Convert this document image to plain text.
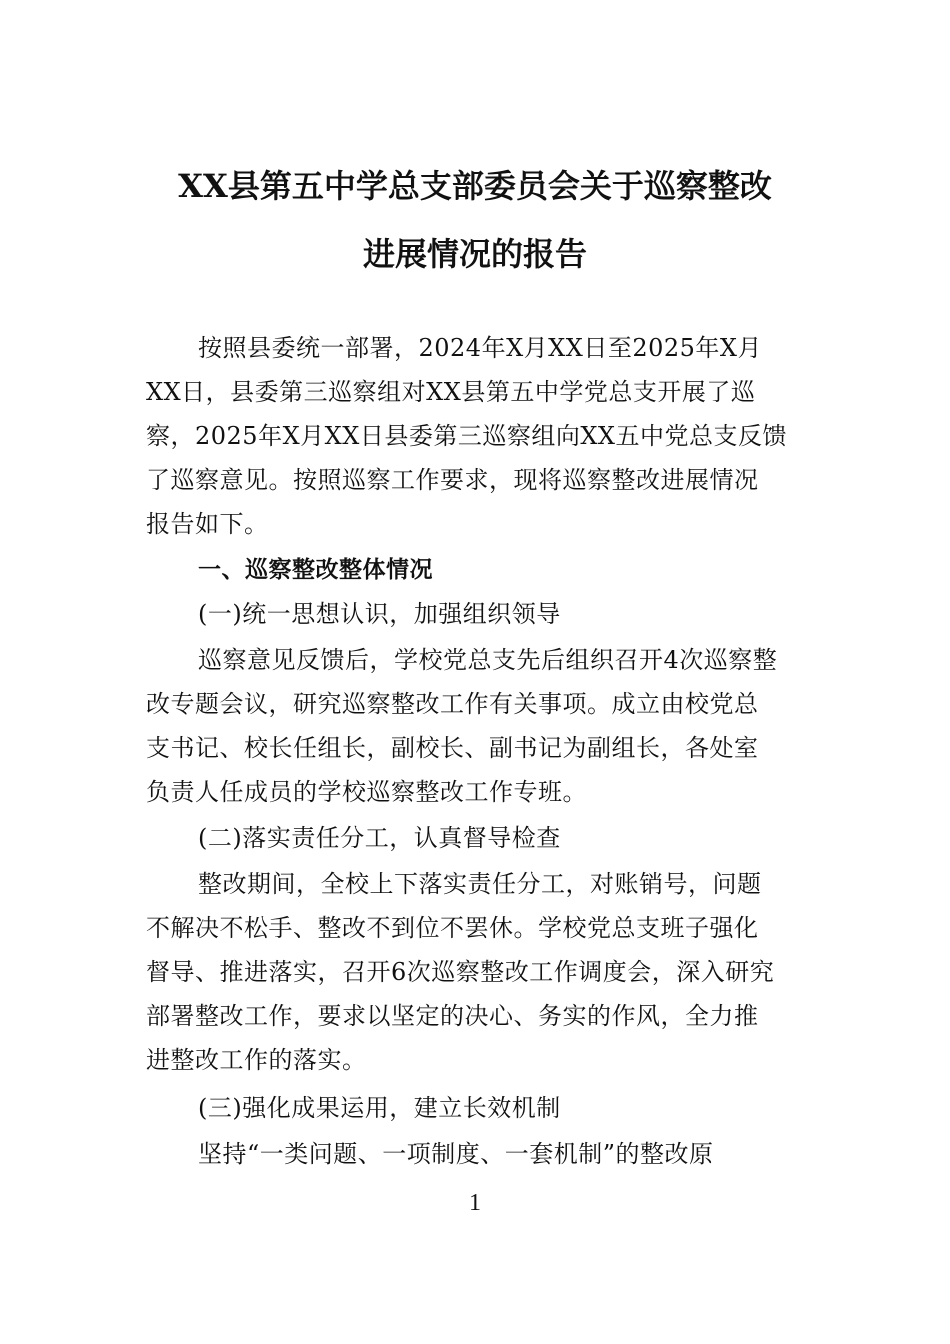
XX县第五中学总支部委员会关于巡察整改
进展情况的报告
按照县委统一部署，2024年X月XX日至2025年X月
XX日，县委第三巡察组对XX县第五中学党总支开展了巡
察，2025年X月XX日县委第三巡察组向XX五中党总支反馈
了巡察意见。按照巡察工作要求，现将巡察整改进展情况
报告如下。
一、巡察整改整体情况
(一)统一思想认识，加强组织领导
巡察意见反馈后，学校党总支先后组织召开4次巡察整
改专题会议，研究巡察整改工作有关事项。成立由校党总
支书记、校长任组长，副校长、副书记为副组长，各处室
负责人任成员的学校巡察整改工作专班。
(二)落实责任分工，认真督导检查
整改期间，全校上下落实责任分工，对账销号，问题
不解决不松手、整改不到位不罢休。学校党总支班子强化
督导、推进落实，召开6次巡察整改工作调度会，深入研究
部署整改工作，要求以坚定的决心、务实的作风，全力推
进整改工作的落实。
(三)强化成果运用，建立长效机制
坚持“一类问题、一项制度、一套机制”的整改原
1
